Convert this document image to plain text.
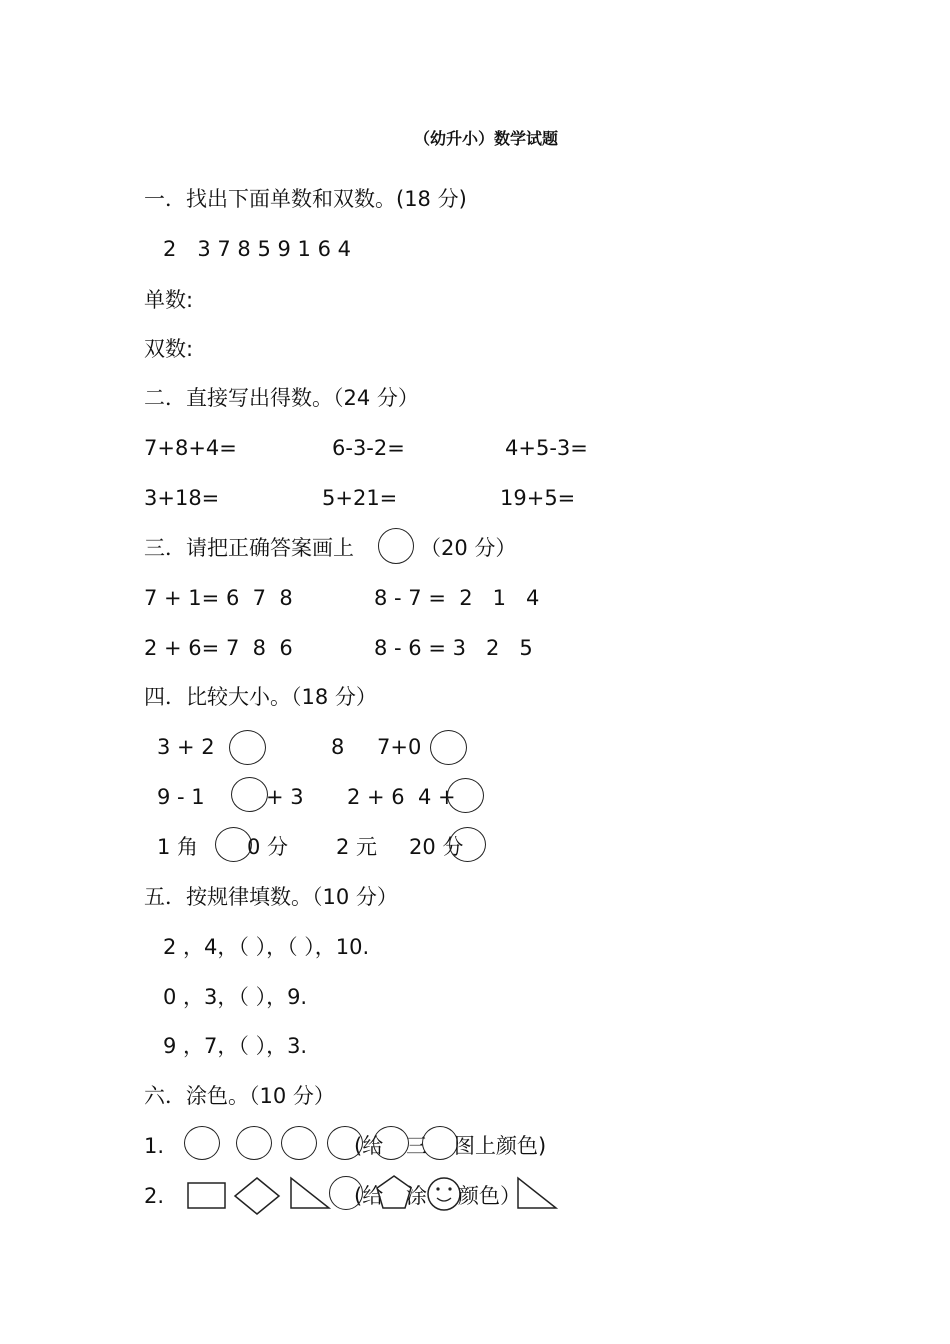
（幼升小）数学试题
一．找出下面单数和双数。(18 分)
2　3 7 8 5 9 1 6 4
单数:
双数:
二．直接写出得数。（24 分）
7+8+4=	6-3-2=	4+5-3=
3+18=	5+21=	19+5=
三．请把正确答案画上	（20 分）
7 + 1= 6  7  8	8 - 7 =  2   1   4
2 + 6= 7  8  6	8 - 6 = 3   2   5
四．比较大小。（18 分）
3 + 2	8 7+0
9 - 1	+ 3 2 + 6  4 +
1 角 0 分 2 元 20 分
五．按规律填数。（10 分）
2 ，4，（ ），（ ），10.
0 ，3，（ ），9.
9 ，7，（ ），3.
六．涂色。（10 分）
1.	(给 三 图上颜色)
2.	(给 涂 颜色）
